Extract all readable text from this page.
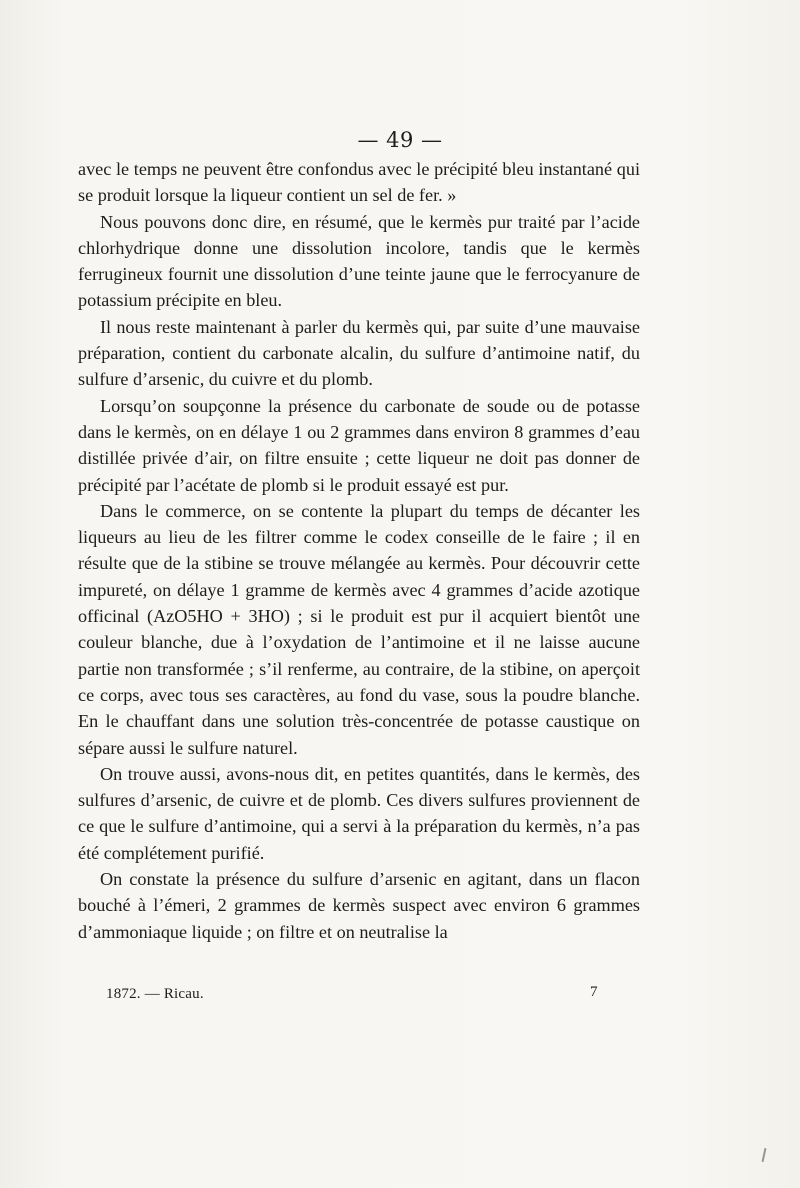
— 49 —

avec le temps ne peuvent être confondus avec le précipité bleu instantané qui se produit lorsque la liqueur contient un sel de fer. »

Nous pouvons donc dire, en résumé, que le kermès pur traité par l’acide chlorhydrique donne une dissolution incolore, tandis que le kermès ferrugineux fournit une dissolution d’une teinte jaune que le ferrocyanure de potassium précipite en bleu.

Il nous reste maintenant à parler du kermès qui, par suite d’une mauvaise préparation, contient du carbonate alcalin, du sulfure d’antimoine natif, du sulfure d’arsenic, du cuivre et du plomb.

Lorsqu’on soupçonne la présence du carbonate de soude ou de potasse dans le kermès, on en délaye 1 ou 2 grammes dans environ 8 grammes d’eau distillée privée d’air, on filtre ensuite ; cette liqueur ne doit pas donner de précipité par l’acétate de plomb si le produit essayé est pur.

Dans le commerce, on se contente la plupart du temps de décanter les liqueurs au lieu de les filtrer comme le codex conseille de le faire ; il en résulte que de la stibine se trouve mélangée au kermès. Pour découvrir cette impureté, on délaye 1 gramme de kermès avec 4 grammes d’acide azotique officinal (AzO5HO + 3HO) ; si le produit est pur il acquiert bientôt une couleur blanche, due à l’oxydation de l’antimoine et il ne laisse aucune partie non transformée ; s’il renferme, au contraire, de la stibine, on aperçoit ce corps, avec tous ses caractères, au fond du vase, sous la poudre blanche. En le chauffant dans une solution très-concentrée de potasse caustique on sépare aussi le sulfure naturel.

On trouve aussi, avons-nous dit, en petites quantités, dans le kermès, des sulfures d’arsenic, de cuivre et de plomb. Ces divers sulfures proviennent de ce que le sulfure d’antimoine, qui a servi à la préparation du kermès, n’a pas été complétement purifié.

On constate la présence du sulfure d’arsenic en agitant, dans un flacon bouché à l’émeri, 2 grammes de kermès suspect avec environ 6 grammes d’ammoniaque liquide ; on filtre et on neutralise la

1872. — Ricau.	7
